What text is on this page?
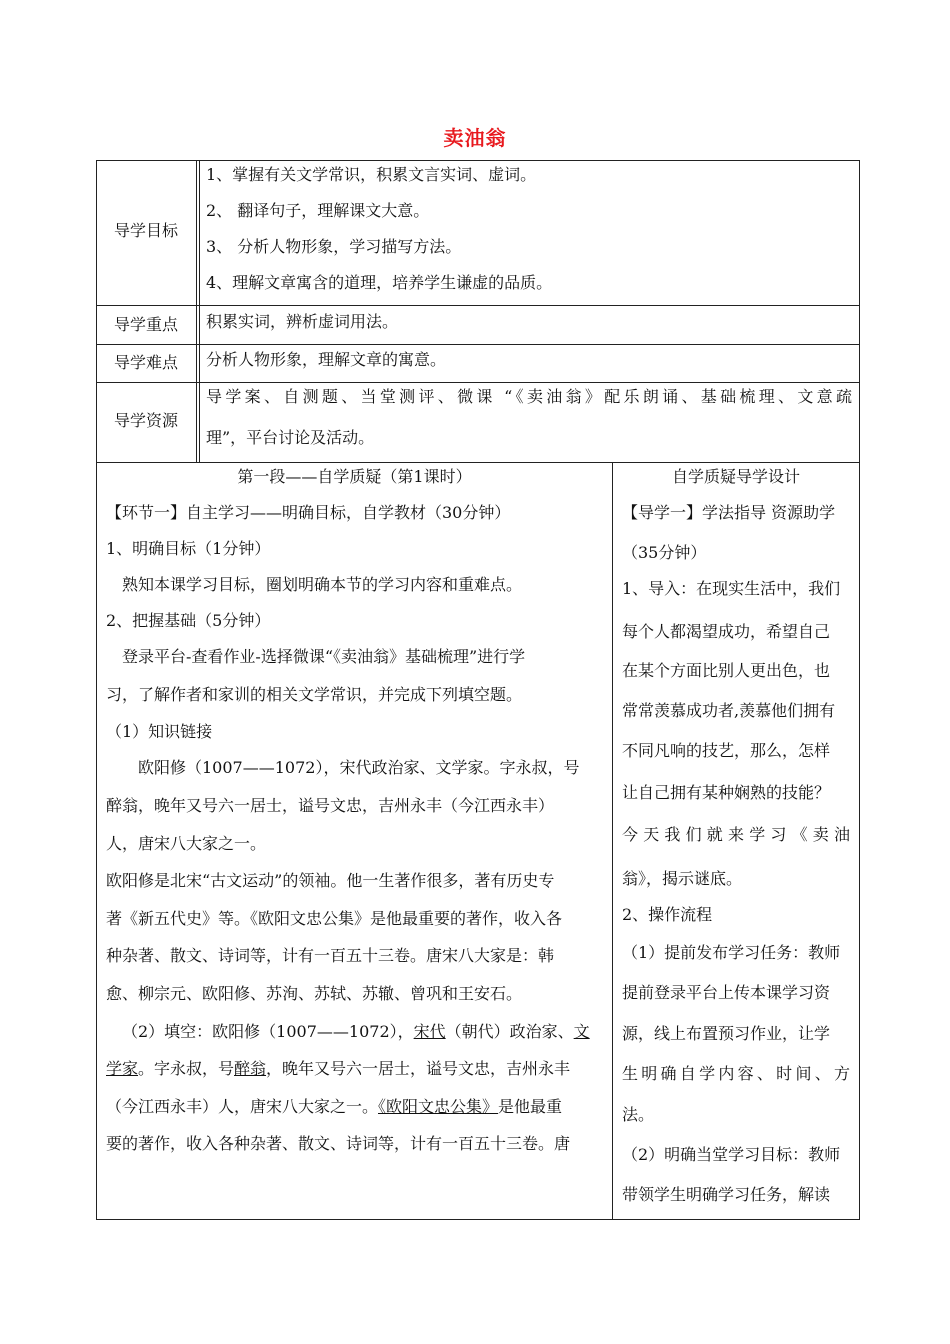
卖油翁
导学目标
1、掌握有关文学常识，积累文言实词、虚词。
2、 翻译句子，理解课文大意。
3、 分析人物形象，学习描写方法。
4、理解文章寓含的道理，培养学生谦虚的品质。
导学重点	积累实词，辨析虚词用法。
导学难点	分析人物形象，理解文章的寓意。
导学资源
导学案、自测题、当堂测评、微课 “《卖油翁》配乐朗诵、基础梳理、文意疏
理”，平台讨论及活动。
第一段——自学质疑（第1课时）
【环节一】自主学习——明确目标，自学教材（30分钟）
1、明确目标（1分钟）
熟知本课学习目标，圈划明确本节的学习内容和重难点。
2、把握基础（5分钟）
登录平台-查看作业-选择微课“《卖油翁》基础梳理”进行学
习，了解作者和家训的相关文学常识，并完成下列填空题。
（1）知识链接
欧阳修（1007——1072），宋代政治家、文学家。字永叔，号
醉翁，晚年又号六一居士，谥号文忠，吉州永丰（今江西永丰）
人，唐宋八大家之一。
欧阳修是北宋“古文运动”的领袖。他一生著作很多，著有历史专
著《新五代史》等。《欧阳文忠公集》是他最重要的著作，收入各
种杂著、散文、诗词等，计有一百五十三卷。唐宋八大家是：韩
愈、柳宗元、欧阳修、苏洵、苏轼、苏辙、曾巩和王安石。
（2）填空：欧阳修（1007——1072），宋代（朝代）政治家、文
学家。字永叔，号醉翁，晚年又号六一居士，谥号文忠，吉州永丰
（今江西永丰）人，唐宋八大家之一。《欧阳文忠公集》是他最重
要的著作，收入各种杂著、散文、诗词等，计有一百五十三卷。唐
自学质疑导学设计
【导学一】学法指导 资源助学
（35分钟）
1、导入：在现实生活中，我们
每个人都渴望成功，希望自己
在某个方面比别人更出色，也
常常羡慕成功者,羡慕他们拥有
不同凡响的技艺，那么，怎样
让自己拥有某种娴熟的技能？
今天我们就来学习《卖油
翁》，揭示谜底。
2、操作流程
（1）提前发布学习任务：教师
提前登录平台上传本课学习资
源，线上布置预习作业，让学
生明确自学内容、时间、方
法。
（2）明确当堂学习目标：教师
带领学生明确学习任务，解读
